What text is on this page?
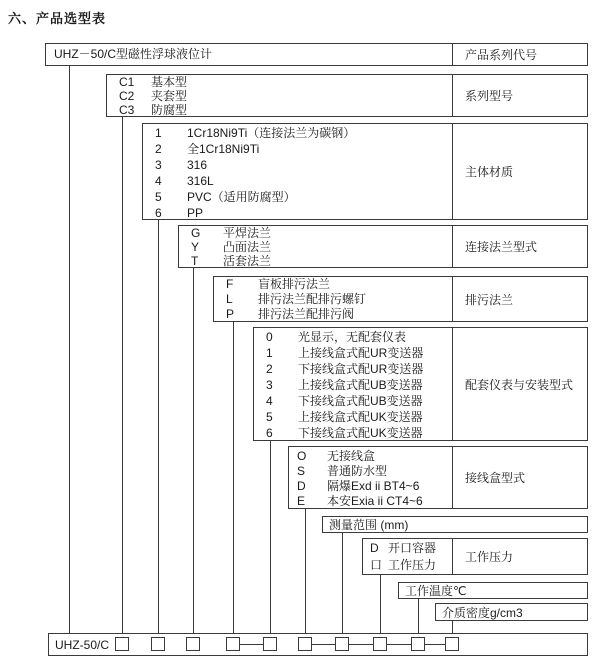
六、产品选型表
UHZ－50/C型磁性浮球液位计	产品系列代号
C1	基本型
C2	夹套型
C3	防腐型
系列型号
1	1Cr18Ni9Ti（连接法兰为碳钢）
2	全1Cr18Ni9Ti
3	316
4	316L
5	PVC（适用防腐型）
6	PP
主体材质
G	平焊法兰
Y	凸面法兰
T	活套法兰
连接法兰型式
F	盲板排污法兰
L	排污法兰配排污螺钉
P	排污法兰配排污阀
排污法兰
0	光显示，无配套仪表
1	上接线盒式配UR变送器
2	下接线盒式配UR变送器
3	上接线盒式配UB变送器
4	下接线盒式配UB变送器
5	上接线盒式配UK变送器
6	下接线盒式配UK变送器
配套仪表与安装型式
O	无接线盒
S	普通防水型
D	隔爆Exd ii BT4~6
E	本安Exia ii CT4~6
接线盒型式
测量范围 (mm)
D 开口容器
口 工作压力
工作压力
工作温度℃
介质密度g/cm3
UHZ-50/C
